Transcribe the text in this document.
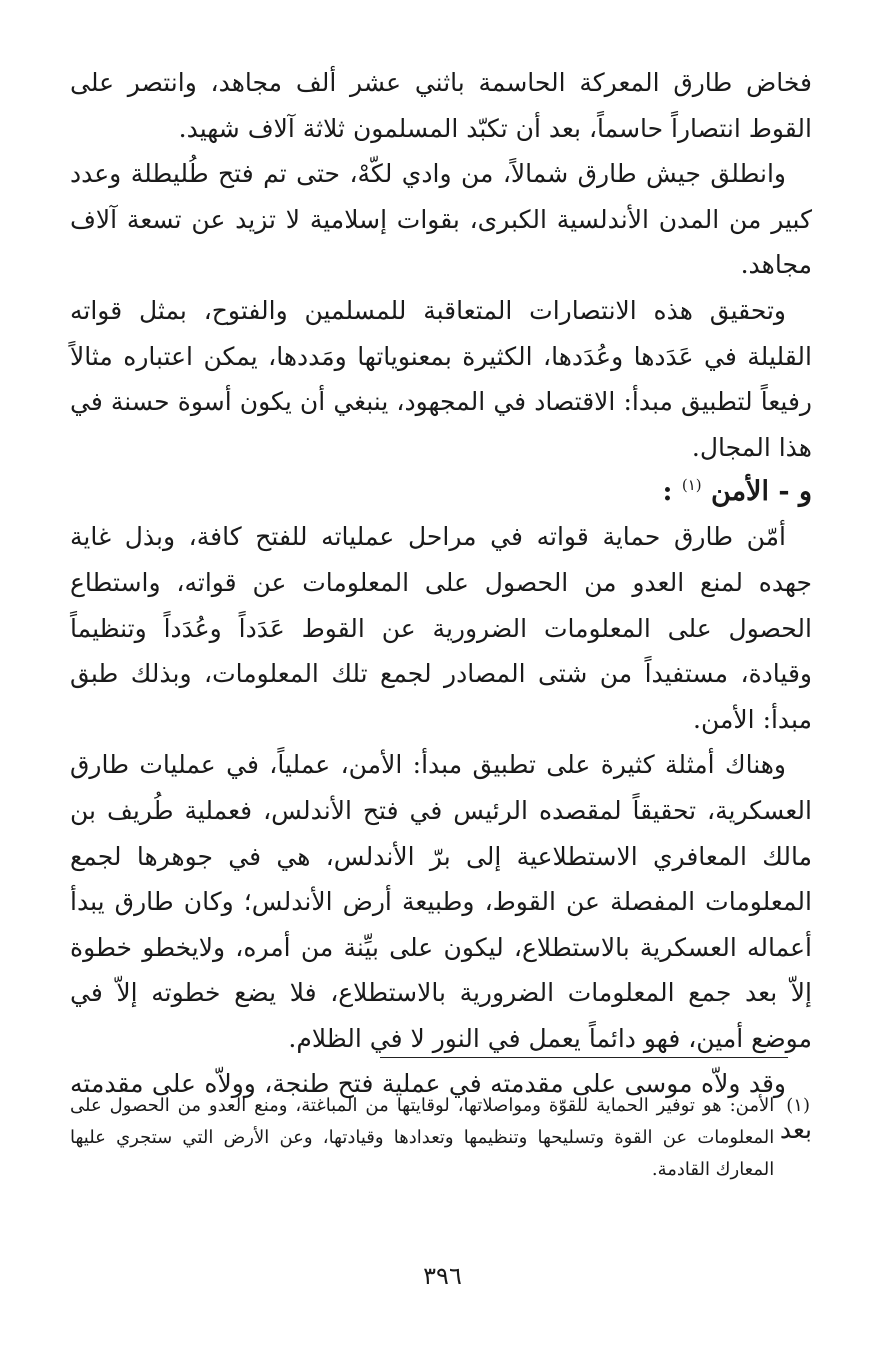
فخاض طارق المعركة الحاسمة باثني عشر ألف مجاهد، وانتصر على القوط انتصاراً حاسماً، بعد أن تكبّد المسلمون ثلاثة آلاف شهيد.

وانطلق جيش طارق شمالاً، من وادي لكّهْ، حتى تم فتح طُليطلة وعدد كبير من المدن الأندلسية الكبرى، بقوات إسلامية لا تزيد عن تسعة آلاف مجاهد.

وتحقيق هذه الانتصارات المتعاقبة للمسلمين والفتوح، بمثل قواته القليلة في عَدَدها وعُدَدها، الكثيرة بمعنوياتها ومَددها، يمكن اعتباره مثالاً رفيعاً لتطبيق مبدأ: الاقتصاد في المجهود، ينبغي أن يكون أسوة حسنة في هذا المجال.

و - الأمن $^{(١)}$ :

أمّن طارق حماية قواته في مراحل عملياته للفتح كافة، وبذل غاية جهده لمنع العدو من الحصول على المعلومات عن قواته، واستطاع الحصول على المعلومات الضرورية عن القوط عَدَداً وعُدَداً وتنظيماً وقيادة، مستفيداً من شتى المصادر لجمع تلك المعلومات، وبذلك طبق مبدأ: الأمن.

وهناك أمثلة كثيرة على تطبيق مبدأ: الأمن، عملياً، في عمليات طارق العسكرية، تحقيقاً لمقصده الرئيس في فتح الأندلس، فعملية طُريف بن مالك المعافري الاستطلاعية إلى برّ الأندلس، هي في جوهرها لجمع المعلومات المفصلة عن القوط، وطبيعة أرض الأندلس؛ وكان طارق يبدأ أعماله العسكرية بالاستطلاع، ليكون على بيِّنة من أمره، ولايخطو خطوة إلاّ بعد جمع المعلومات الضرورية بالاستطلاع، فلا يضع خطوته إلاّ في موضع أمين، فهو دائماً يعمل في النور لا في الظلام.

وقد ولاّه موسى على مقدمته في عملية فتح طنجة، وولاّه على مقدمته بعد

(١)
الأمن: هو توفير الحماية للقوّة ومواصلاتها، لوقايتها من المباغتة، ومنع العدو من الحصول على المعلومات عن القوة وتسليحها وتنظيمها وتعدادها وقيادتها، وعن الأرض التي ستجري عليها المعارك القادمة.
٣٩٦
